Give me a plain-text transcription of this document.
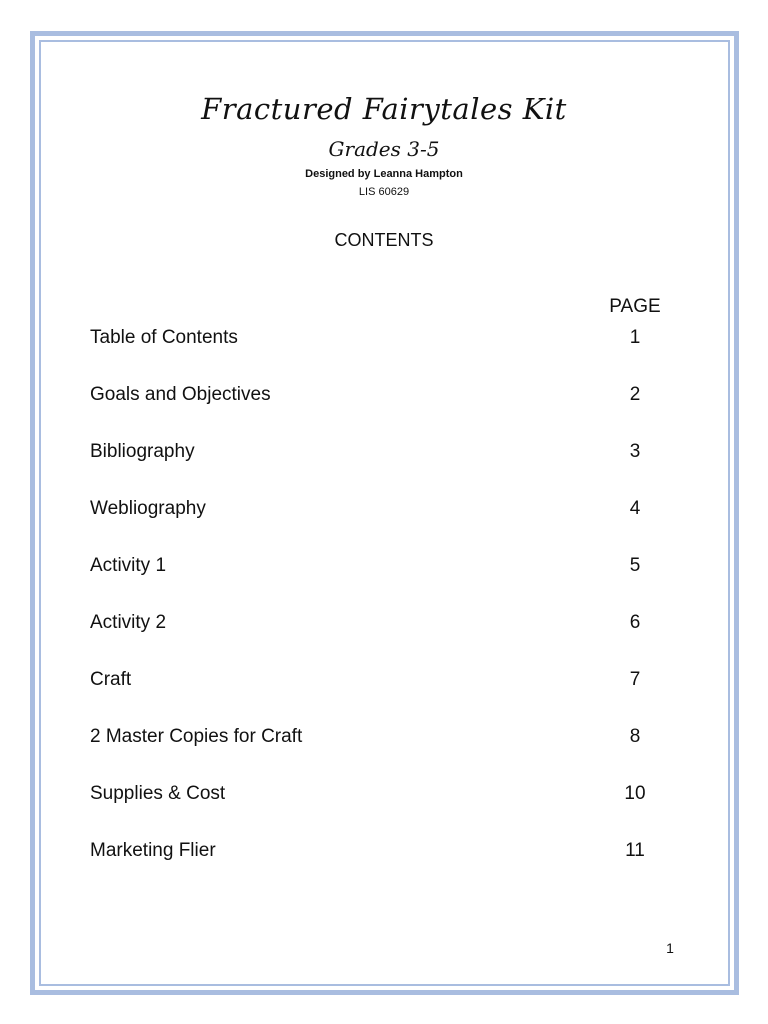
Fractured Fairytales Kit
Grades 3-5
Designed by Leanna Hampton
LIS 60629
CONTENTS
PAGE
Table of Contents	1
Goals and Objectives	2
Bibliography	3
Webliography	4
Activity 1	5
Activity 2	6
Craft	7
2 Master Copies for Craft	8
Supplies & Cost	10
Marketing Flier	11
1
